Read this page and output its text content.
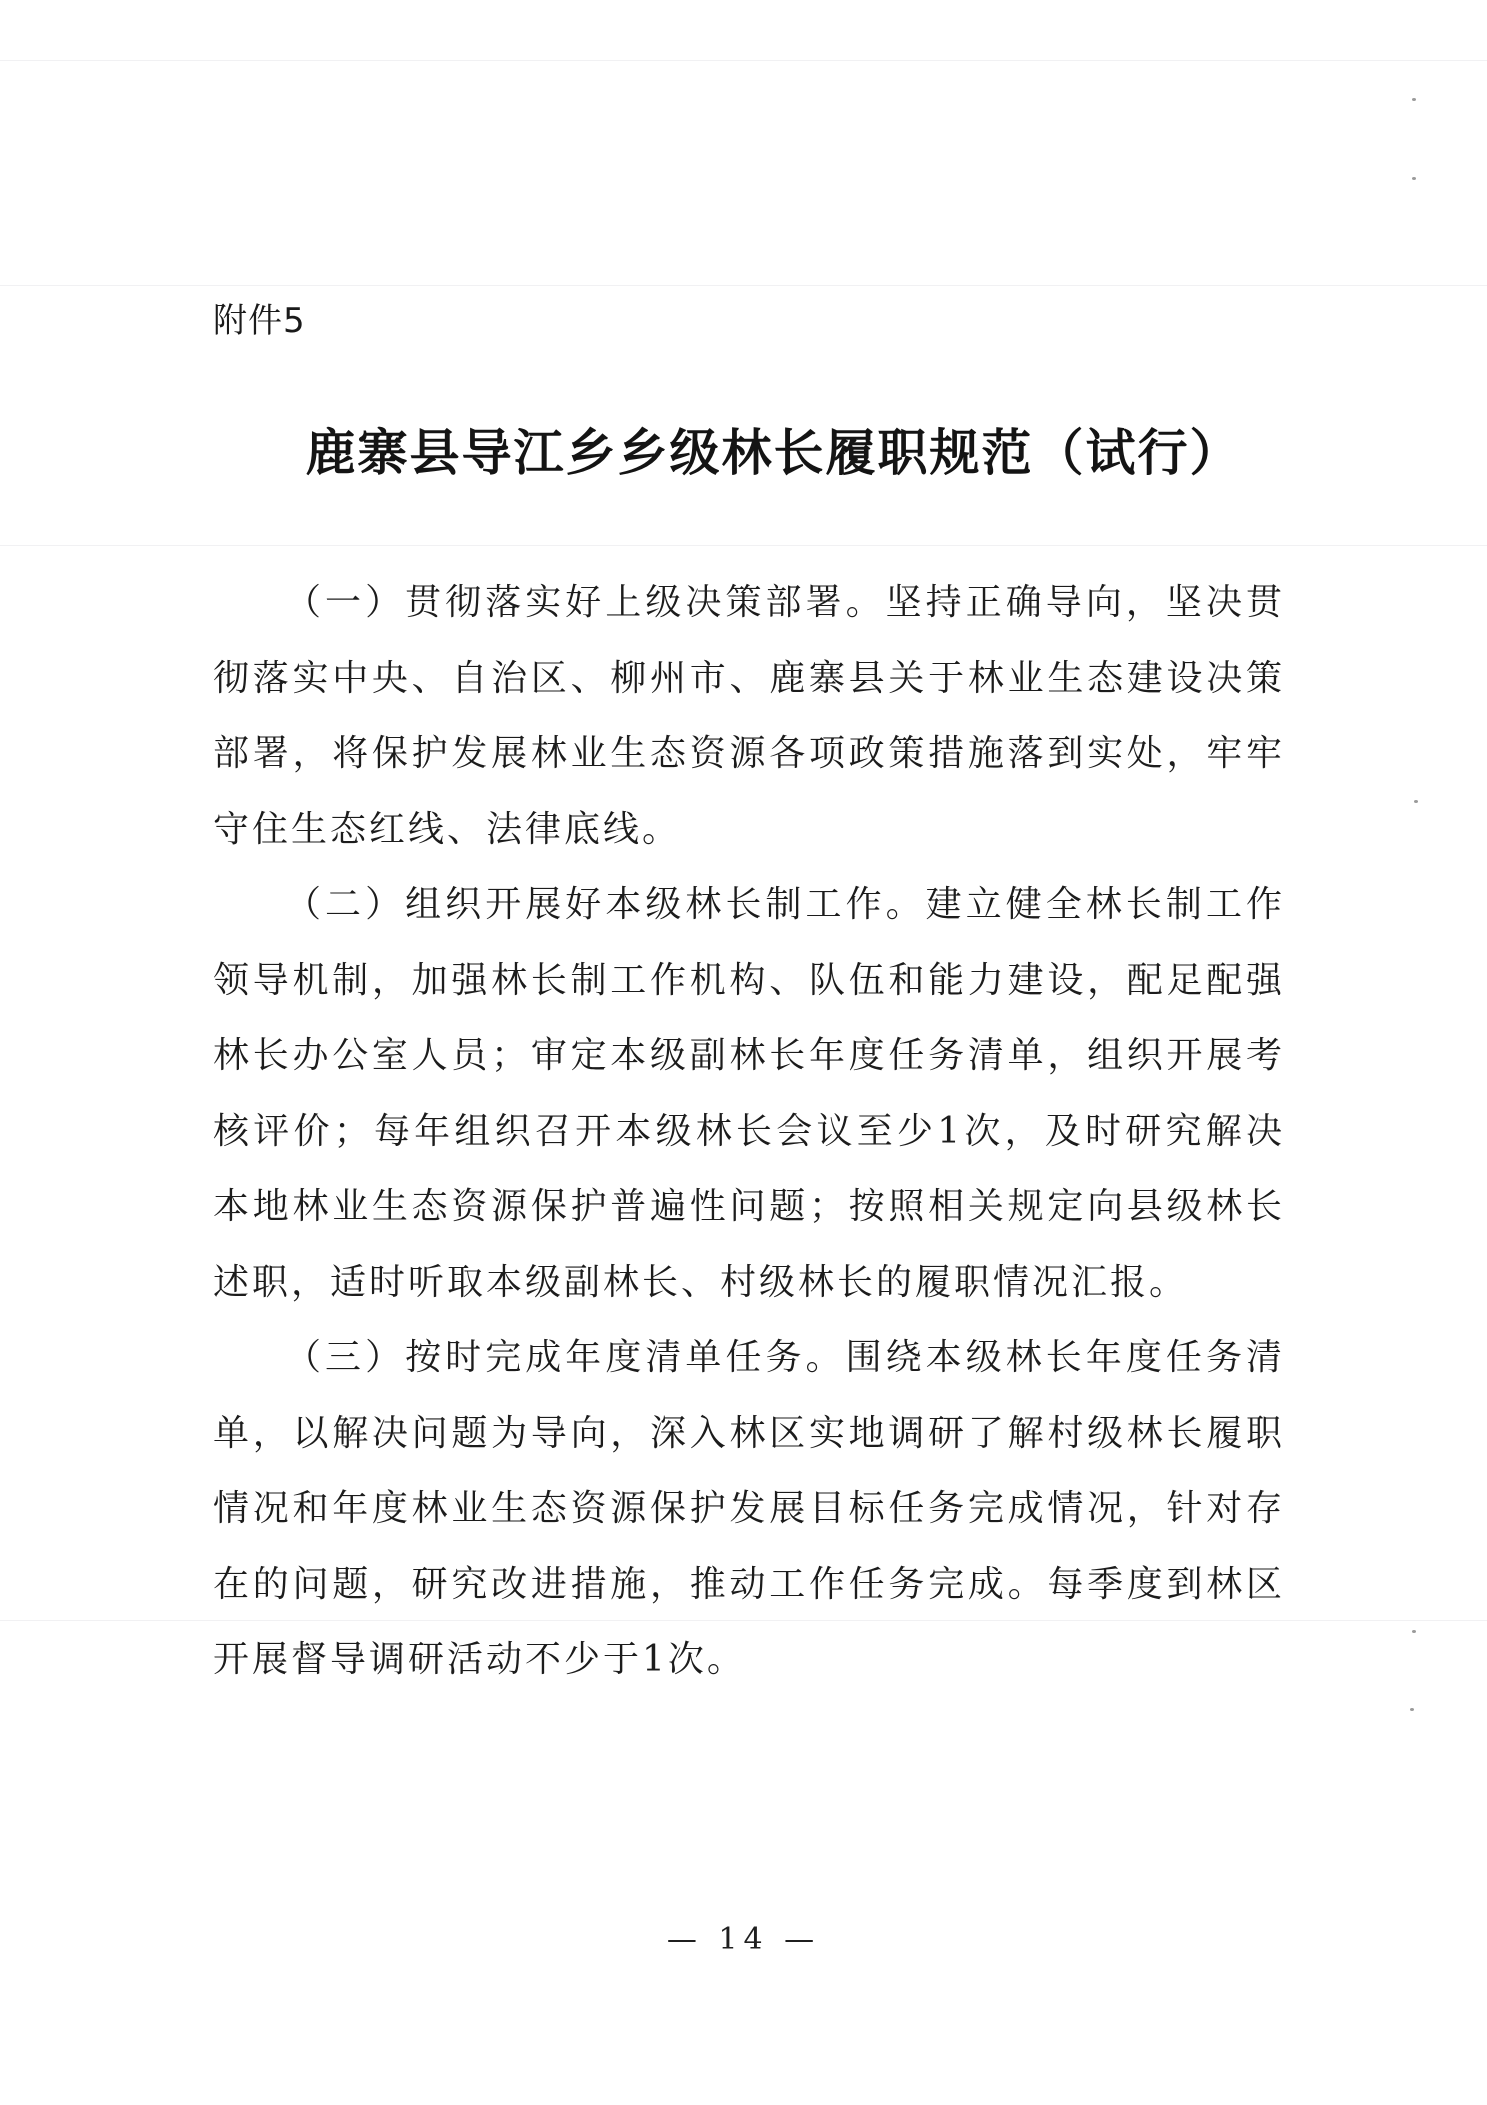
附件5
鹿寨县导江乡乡级林长履职规范（试行）

（一）贯彻落实好上级决策部署。坚持正确导向，坚决贯彻落实中央、自治区、柳州市、鹿寨县关于林业生态建设决策部署，将保护发展林业生态资源各项政策措施落到实处，牢牢守住生态红线、法律底线。

（二）组织开展好本级林长制工作。建立健全林长制工作领导机制，加强林长制工作机构、队伍和能力建设，配足配强林长办公室人员；审定本级副林长年度任务清单，组织开展考核评价；每年组织召开本级林长会议至少1次，及时研究解决本地林业生态资源保护普遍性问题；按照相关规定向县级林长述职，适时听取本级副林长、村级林长的履职情况汇报。

（三）按时完成年度清单任务。围绕本级林长年度任务清单，以解决问题为导向，深入林区实地调研了解村级林长履职情况和年度林业生态资源保护发展目标任务完成情况，针对存在的问题，研究改进措施，推动工作任务完成。每季度到林区开展督导调研活动不少于1次。

— 14 —
